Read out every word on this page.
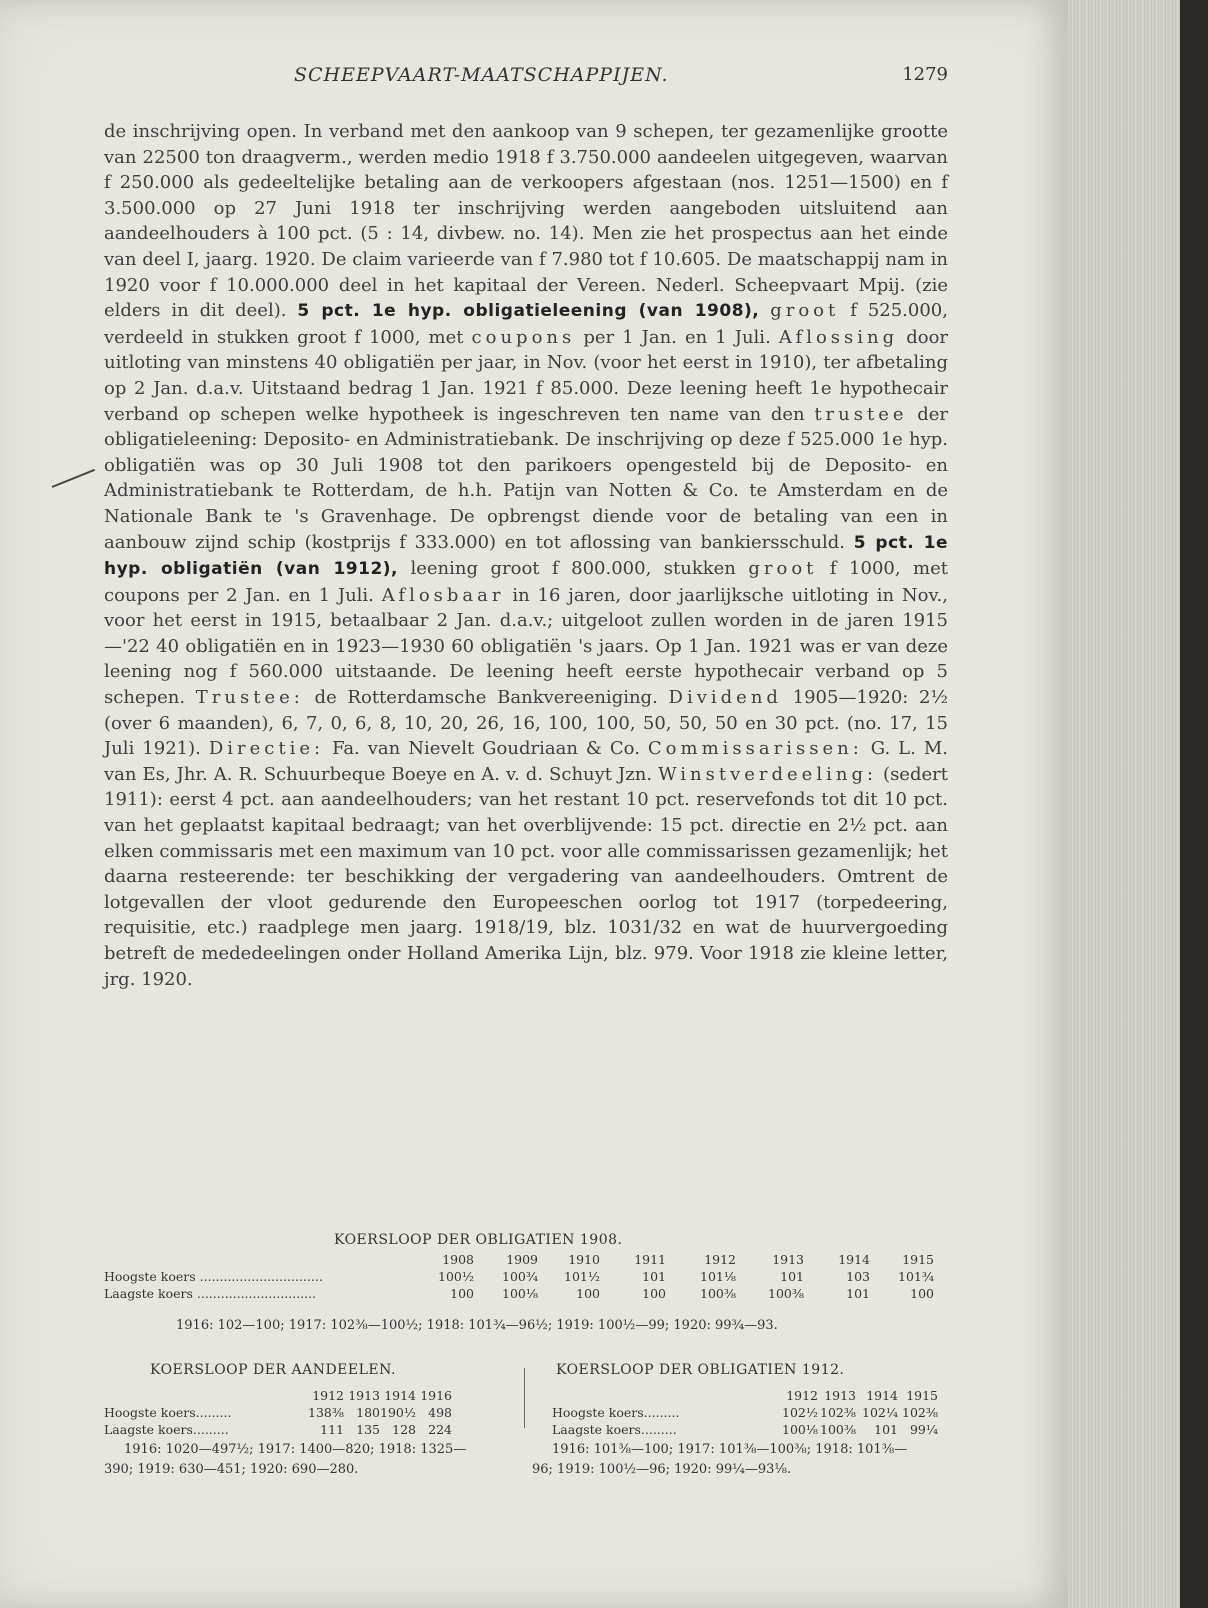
SCHEEPVAART-MAATSCHAPPIJEN.	1279

de inschrijving open. In verband met den aankoop van 9 schepen, ter gezamenlijke grootte van 22500 ton draagverm., werden medio 1918 f 3.750.000 aandeelen uitgegeven, waarvan f 250.000 als gedeeltelijke betaling aan de verkoopers afgestaan (nos. 1251—1500) en f 3.500.000 op 27 Juni 1918 ter inschrijving werden aangeboden uitsluitend aan aandeelhouders à 100 pct. (5 : 14, divbew. no. 14). Men zie het prospectus aan het einde van deel I, jaarg. 1920. De claim varieerde van f 7.980 tot f 10.605. De maatschappij nam in 1920 voor f 10.000.000 deel in het kapitaal der Vereen. Nederl. Scheepvaart Mpij. (zie elders in dit deel). 5 pct. 1e hyp. obligatieleening (van 1908), groot f 525.000, verdeeld in stukken groot f 1000, met coupons per 1 Jan. en 1 Juli. Aflossing door uitloting van minstens 40 obligatiën per jaar, in Nov. (voor het eerst in 1910), ter afbetaling op 2 Jan. d.a.v. Uitstaand bedrag 1 Jan. 1921 f 85.000. Deze leening heeft 1e hypothecair verband op schepen welke hypotheek is ingeschreven ten name van den trustee der obligatieleening: Deposito- en Administratiebank. De inschrijving op deze f 525.000 1e hyp. obligatiën was op 30 Juli 1908 tot den parikoers opengesteld bij de Deposito- en Administratiebank te Rotterdam, de h.h. Patijn van Notten & Co. te Amsterdam en de Nationale Bank te 's Gravenhage. De opbrengst diende voor de betaling van een in aanbouw zijnd schip (kostprijs f 333.000) en tot aflossing van bankiersschuld. 5 pct. 1e hyp. obligatiën (van 1912), leening groot f 800.000, stukken groot f 1000, met coupons per 2 Jan. en 1 Juli. Aflosbaar in 16 jaren, door jaarlijksche uitloting in Nov., voor het eerst in 1915, betaalbaar 2 Jan. d.a.v.; uitgeloot zullen worden in de jaren 1915—'22 40 obligatiën en in 1923—1930 60 obligatiën 's jaars. Op 1 Jan. 1921 was er van deze leening nog f 560.000 uitstaande. De leening heeft eerste hypothecair verband op 5 schepen. Trustee: de Rotterdamsche Bankvereeniging. Dividend 1905—1920: 2½ (over 6 maanden), 6, 7, 0, 6, 8, 10, 20, 26, 16, 100, 100, 50, 50, 50 en 30 pct. (no. 17, 15 Juli 1921). Directie: Fa. van Nievelt Goudriaan & Co. Commissarissen: G. L. M. van Es, Jhr. A. R. Schuurbeque Boeye en A. v. d. Schuyt Jzn. Winstverdeeling: (sedert 1911): eerst 4 pct. aan aandeelhouders; van het restant 10 pct. reservefonds tot dit 10 pct. van het geplaatst kapitaal bedraagt; van het overblijvende: 15 pct. directie en 2½ pct. aan elken commissaris met een maximum van 10 pct. voor alle commissarissen gezamenlijk; het daarna resteerende: ter beschikking der vergadering van aandeelhouders. Omtrent de lotgevallen der vloot gedurende den Europeeschen oorlog tot 1917 (torpedeering, requisitie, etc.) raadplege men jaarg. 1918/19, blz. 1031/32 en wat de huurvergoeding betreft de mededeelingen onder Holland Amerika Lijn, blz. 979. Voor 1918 zie kleine letter, jrg. 1920.

KOERSLOOP DER OBLIGATIEN 1908.
1908	1909	1910	1911	1912	1913	1914	1915
Hoogste koers ...............................	100½	100¾	101½	101	101⅛	101	103	101¾
Laagste koers ..............................	100	100⅛	100	100	100⅜	100⅜	101	100
1916: 102—100; 1917: 102⅜—100½; 1918: 101¾—96½; 1919: 100½—99; 1920: 99¾—93.
KOERSLOOP DER AANDEELEN.	KOERSLOOP DER OBLIGATIEN 1912.
1912 1913 1914 1916
Hoogste koers.........	138⅜ 180 190½ 498
Laagste koers.........	111 135 128 224
1916: 1020—497½; 1917: 1400—820; 1918: 1325—
390; 1919: 630—451; 1920: 690—280.
1912 1913 1914 1915
Hoogste koers.........	102½ 102⅜ 102¼ 102⅜
Laagste koers.........	100⅛ 100⅜	101 99¼
1916: 101⅜—100; 1917: 101⅜—100⅜; 1918: 101⅜—
96; 1919: 100½—96; 1920: 99¼—93⅛.
